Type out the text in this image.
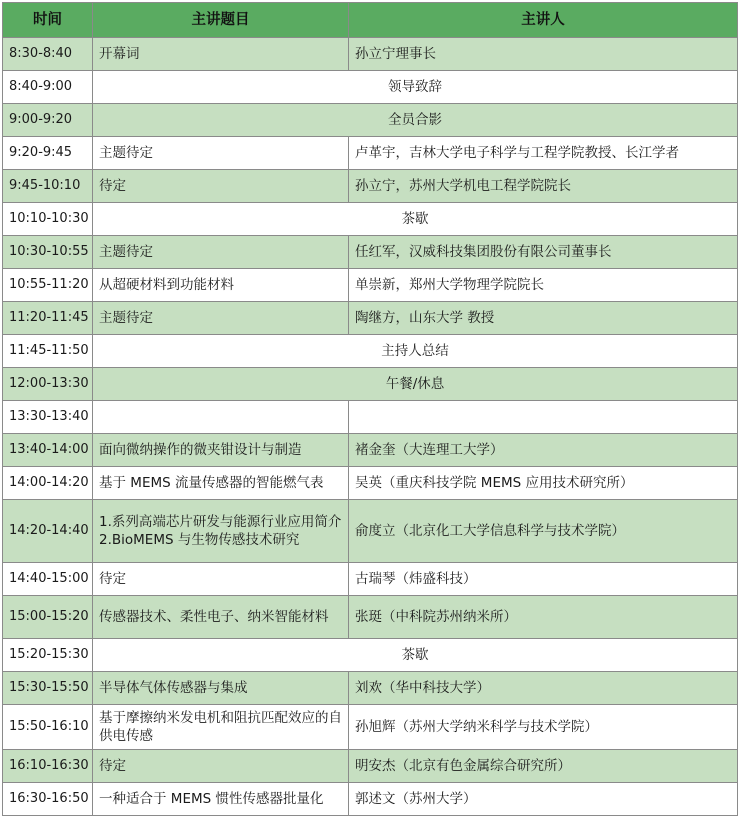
时间	主讲题目	主讲人
8:30-8:40	开幕词	孙立宁理事长
8:40-9:00	领导致辞	
9:00-9:20	全员合影	
9:20-9:45	主题待定	卢革宇，吉林大学电子科学与工程学院教授、长江学者
9:45-10:10	待定	孙立宁，苏州大学机电工程学院院长
10:10-10:30	茶歇	
10:30-10:55	主题待定	任红军，汉威科技集团股份有限公司董事长
10:55-11:20	从超硬材料到功能材料	单崇新，郑州大学物理学院院长
11:20-11:45	主题待定	陶继方，山东大学 教授
11:45-11:50	主持人总结	
12:00-13:30	午餐/休息	
13:30-13:40		
13:40-14:00	面向微纳操作的微夹钳设计与制造	褚金奎（大连理工大学）
14:00-14:20	基于 MEMS 流量传感器的智能燃气表	吴英（重庆科技学院 MEMS 应用技术研究所）
14:20-14:40	1.系列高端芯片研发与能源行业应用简介 2.BioMEMS 与生物传感技术研究	俞度立（北京化工大学信息科学与技术学院）
14:40-15:00	待定	古瑞琴（炜盛科技）
15:00-15:20	传感器技术、柔性电子、纳米智能材料	张珽（中科院苏州纳米所）
15:20-15:30	茶歇	
15:30-15:50	半导体气体传感器与集成	刘欢（华中科技大学）
15:50-16:10	基于摩擦纳米发电机和阻抗匹配效应的自供电传感	孙旭辉（苏州大学纳米科学与技术学院）
16:10-16:30	待定	明安杰（北京有色金属综合研究所）
16:30-16:50	一种适合于 MEMS 惯性传感器批量化	郭述文（苏州大学）
